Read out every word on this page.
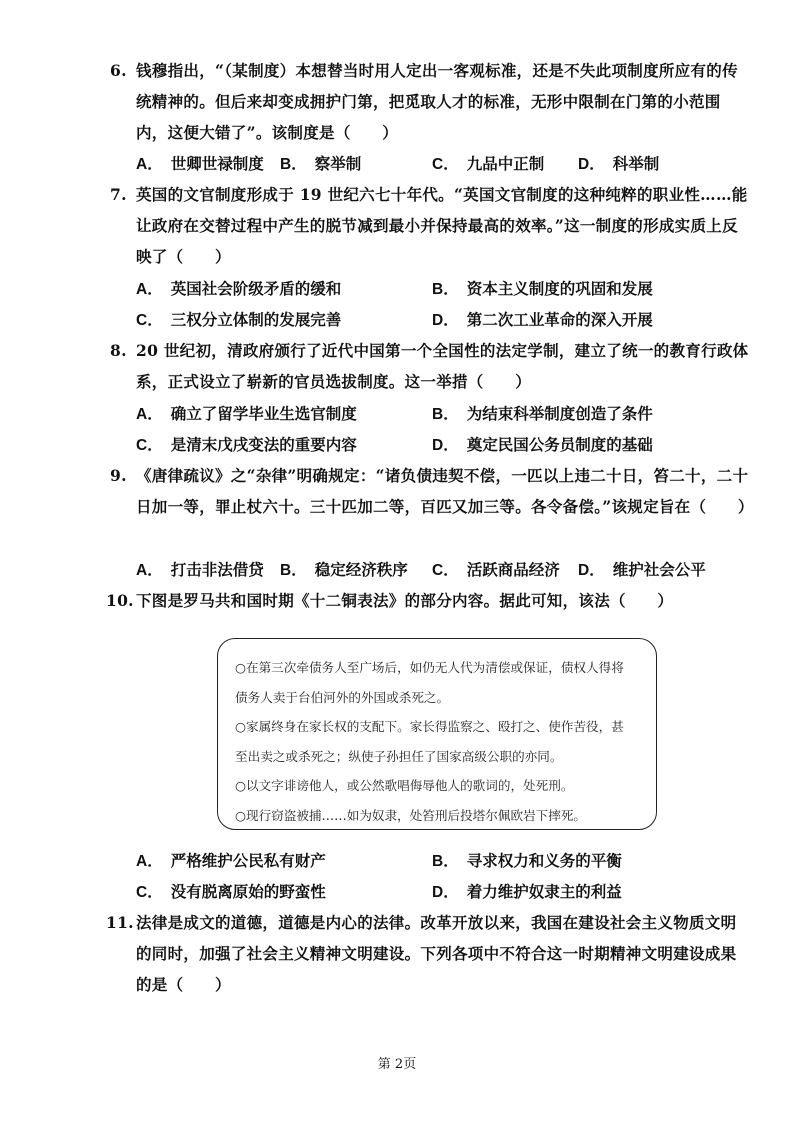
6. 钱穆指出，“（某制度）本想替当时用人定出一客观标准，还是不失此项制度所应有的传统精神的。但后来却变成拥护门第，把觅取人才的标准，无形中限制在门第的小范围内，这便大错了”。该制度是（　　）
A． 世卿世禄制度 B． 察举制	C． 九品中正制 D． 科举制
7. 英国的文官制度形成于 19 世纪六七十年代。“英国文官制度的这种纯粹的职业性……能让政府在交替过程中产生的脱节减到最小并保持最高的效率。”这一制度的形成实质上反映了（　　）
A． 英国社会阶级矛盾的缓和	B． 资本主义制度的巩固和发展
C． 三权分立体制的发展完善	D． 第二次工业革命的深入开展
8. 20 世纪初，清政府颁行了近代中国第一个全国性的法定学制，建立了统一的教育行政体系，正式设立了崭新的官员选拔制度。这一举措（　　）
A． 确立了留学毕业生选官制度	B． 为结束科举制度创造了条件
C． 是清末戊戌变法的重要内容	D． 奠定民国公务员制度的基础
9. 《唐律疏议》之“杂律”明确规定：“诸负债违契不偿，一匹以上违二十日，笞二十，二十日加一等，罪止杖六十。三十匹加二等，百匹又加三等。各令备偿。”该规定旨在（　　）
A． 打击非法借贷 B． 稳定经济秩序 C． 活跃商品经济 D． 维护社会公平
10. 下图是罗马共和国时期《十二铜表法》的部分内容。据此可知，该法（　　）

○在第三次牵债务人至广场后，如仍无人代为清偿或保证，债权人得将

债务人卖于台伯河外的外国或杀死之。

○家属终身在家长权的支配下。家长得监察之、殴打之、使作苦役，甚

至出卖之或杀死之；纵使子孙担任了国家高级公职的亦同。

○以文字诽谤他人，或公然歌唱侮辱他人的歌词的，处死刑。

○现行窃盗被捕……如为奴隶，处笞刑后投塔尔佩欧岩下摔死。

A． 严格维护公民私有财产	B． 寻求权力和义务的平衡
C． 没有脱离原始的野蛮性	D． 着力维护奴隶主的利益
11. 法律是成文的道德，道德是内心的法律。改革开放以来，我国在建设社会主义物质文明的同时，加强了社会主义精神文明建设。下列各项中不符合这一时期精神文明建设成果的是（　　）
第 2页
